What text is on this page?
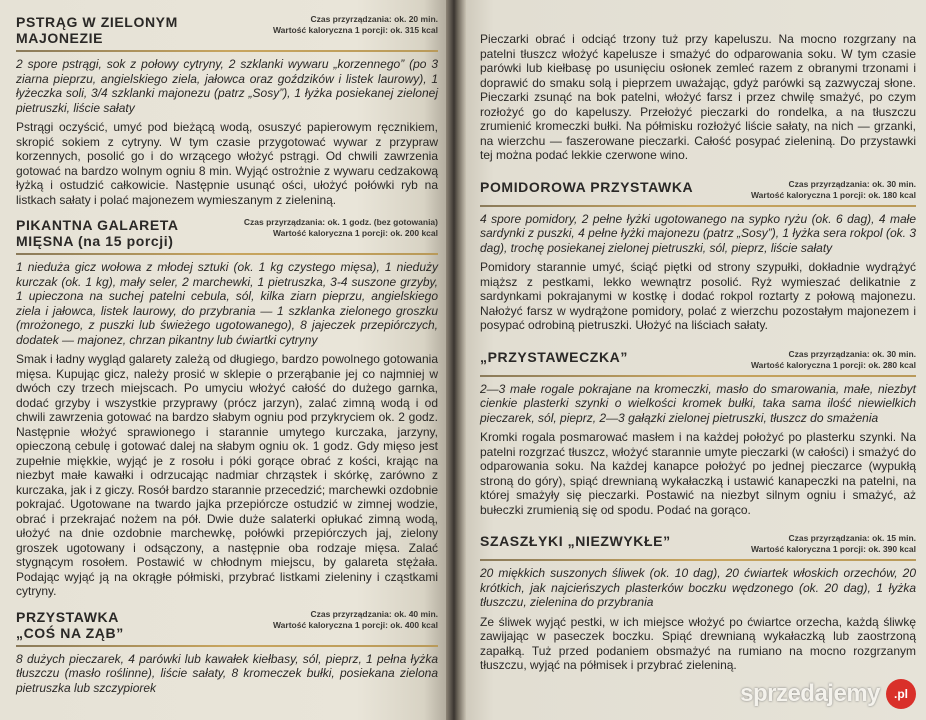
PSTRĄG W ZIELONYM
MAJONEZIE
Czas przyrządzania: ok. 20 min.
Wartość kaloryczna 1 porcji: ok. 315 kcal

2 spore pstrągi, sok z połowy cytryny, 2 szklanki wywaru „korzennego” (po 3 ziarna pieprzu, angielskiego ziela, jałowca oraz goździków i listek laurowy), 1 łyżeczka soli, 3/4 szklanki majonezu (patrz „Sosy”), 1 łyżka posiekanej zielonej pietruszki, liście sałaty

Pstrągi oczyścić, umyć pod bieżącą wodą, osuszyć papierowym ręcznikiem, skropić sokiem z cytryny. W tym czasie przygotować wywar z przypraw korzennych, posolić go i do wrzącego włożyć pstrągi. Od chwili zawrzenia gotować na bardzo wolnym ogniu 8 min. Wyjąć ostrożnie z wywaru cedzakową łyżką i ostudzić całkowicie. Następnie usunąć ości, ułożyć połówki ryb na listkach sałaty i polać majonezem wymieszanym z zieleniną.

PIKANTNA GALARETA
MIĘSNA (na 15 porcji)
Czas przyrządzania: ok. 1 godz. (bez gotowania)
Wartość kaloryczna 1 porcji: ok. 200 kcal

1 nieduża gicz wołowa z młodej sztuki (ok. 1 kg czystego mięsa), 1 nieduży kurczak (ok. 1 kg), mały seler, 2 marchewki, 1 pietruszka, 3-4 suszone grzyby, 1 upieczona na suchej patelni cebula, sól, kilka ziarn pieprzu, angielskiego ziela i jałowca, listek laurowy, do przybrania — 1 szklanka zielonego groszku (mrożonego, z puszki lub świeżego ugotowanego), 8 jajeczek przepiórczych, dodatek — majonez, chrzan pikantny lub ćwiartki cytryny

Smak i ładny wygląd galarety zależą od długiego, bardzo powolnego gotowania mięsa. Kupując gicz, należy prosić w sklepie o przerąbanie jej co najmniej w dwóch czy trzech miejscach. Po umyciu włożyć całość do dużego garnka, dodać grzyby i wszystkie przyprawy (prócz jarzyn), zalać zimną wodą i od chwili zawrzenia gotować na bardzo słabym ogniu pod przykryciem ok. 2 godz. Następnie włożyć sprawionego i starannie umytego kurczaka, jarzyny, opieczoną cebulę i gotować dalej na słabym ogniu ok. 1 godz. Gdy mięso jest zupełnie miękkie, wyjąć je z rosołu i póki gorące obrać z kości, krając na niezbyt małe kawałki i odrzucając nadmiar chrząstek i skórkę, zarówno z kurczaka, jak i z giczy. Rosół bardzo starannie przecedzić; marchewki ozdobnie pokrajać. Ugotowane na twardo jajka przepiórcze ostudzić w zimnej wodzie, obrać i przekrajać nożem na pół. Dwie duże salaterki opłukać zimną wodą, ułożyć na dnie ozdobnie marchewkę, połówki przepiórczych jaj, zielony groszek ugotowany i odsączony, a następnie oba rodzaje mięsa. Zalać stygnącym rosołem. Postawić w chłodnym miejscu, by galareta stężała. Podając wyjąć ją na okrągłe półmiski, przybrać listkami zieleniny i cząstkami cytryny.

PRZYSTAWKA
„COŚ NA ZĄB”
Czas przyrządzania: ok. 40 min.
Wartość kaloryczna 1 porcji: ok. 400 kcal

8 dużych pieczarek, 4 parówki lub kawałek kiełbasy, sól, pieprz, 1 pełna łyżka tłuszczu (masło roślinne), liście sałaty, 8 kromeczek bułki, posiekana zielona pietruszka lub szczypiorek

Pieczarki obrać i odciąć trzony tuż przy kapeluszu. Na mocno rozgrzany na patelni tłuszcz włożyć kapelusze i smażyć do odparowania soku. W tym czasie parówki lub kiełbasę po usunięciu osłonek zemleć razem z obranymi trzonami i doprawić do smaku solą i pieprzem uważając, gdyż parówki są zazwyczaj słone. Pieczarki zsunąć na bok patelni, włożyć farsz i przez chwilę smażyć, po czym rozłożyć go do kapeluszy. Przełożyć pieczarki do rondelka, a na tłuszczu zrumienić kromeczki bułki. Na półmisku rozłożyć liście sałaty, na nich — grzanki, na wierzchu — faszerowane pieczarki. Całość posypać zieleniną. Do przystawki tej można podać lekkie czerwone wino.

POMIDOROWA PRZYSTAWKA	Czas przyrządzania: ok. 30 min.
Wartość kaloryczna 1 porcji: ok. 180 kcal

4 spore pomidory, 2 pełne łyżki ugotowanego na sypko ryżu (ok. 6 dag), 4 małe sardynki z puszki, 4 pełne łyżki majonezu (patrz „Sosy”), 1 łyżka sera rokpol (ok. 3 dag), trochę posiekanej zielonej pietruszki, sól, pieprz, liście sałaty

Pomidory starannie umyć, ściąć piętki od strony szypułki, dokładnie wydrążyć miąższ z pestkami, lekko wewnątrz posolić. Ryż wymieszać delikatnie z sardynkami pokrajanymi w kostkę i dodać rokpol roztarty z połową majonezu. Nałożyć farsz w wydrążone pomidory, polać z wierzchu pozostałym majonezem i posypać odrobiną pietruszki. Ułożyć na liściach sałaty.

„PRZYSTAWECZKA”	Czas przyrządzania: ok. 30 min.
Wartość kaloryczna 1 porcji: ok. 280 kcal

2—3 małe rogale pokrajane na kromeczki, masło do smarowania, małe, niezbyt cienkie plasterki szynki o wielkości kromek bułki, taka sama ilość niewielkich pieczarek, sól, pieprz, 2—3 gałązki zielonej pietruszki, tłuszcz do smażenia

Kromki rogala posmarować masłem i na każdej położyć po plasterku szynki. Na patelni rozgrzać tłuszcz, włożyć starannie umyte pieczarki (w całości) i smażyć do odparowania soku. Na każdej kanapce położyć po jednej pieczarce (wypukłą stroną do góry), spiąć drewnianą wykałaczką i ustawić kanapeczki na patelni, na której smażyły się pieczarki. Postawić na niezbyt silnym ogniu i smażyć, aż bułeczki zrumienią się od spodu. Podać na gorąco.

SZASZŁYKI „NIEZWYKŁE”	Czas przyrządzania: ok. 15 min.
Wartość kaloryczna 1 porcji: ok. 390 kcal

20 miękkich suszonych śliwek (ok. 10 dag), 20 ćwiartek włoskich orzechów, 20 krótkich, jak najcieńszych plasterków boczku wędzonego (ok. 20 dag), 1 łyżka tłuszczu, zielenina do przybrania

Ze śliwek wyjąć pestki, w ich miejsce włożyć po ćwiartce orzecha, każdą śliwkę zawijając w paseczek boczku. Spiąć drewnianą wykałaczką lub zaostrzoną zapałką. Tuż przed podaniem obsmażyć na rumiano na mocno rozgrzanym tłuszczu, wyjąć na półmisek i przybrać zieleniną.

sprzedajemy	.pl
